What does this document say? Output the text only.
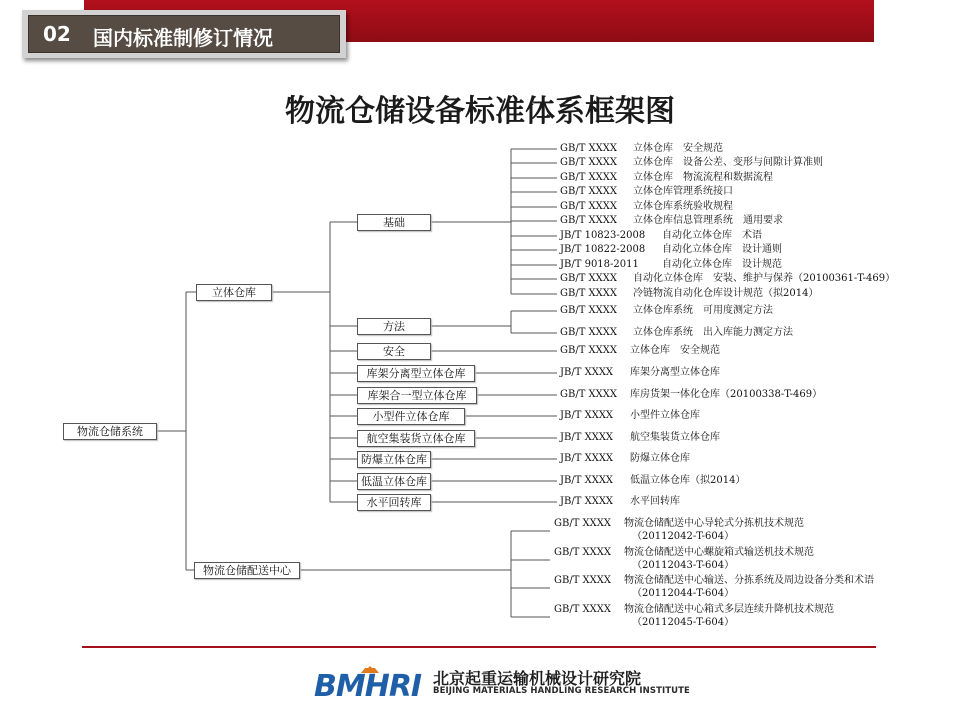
02 国内标准制修订情况
物流仓储设备标准体系框架图
物流仓储系统
立体仓库
物流仓储配送中心
基础
方法
安全
库架分离型立体仓库
库架合一型立体仓库
小型件立体仓库
航空集装货立体仓库
防爆立体仓库
低温立体仓库
水平回转库
GB/T XXXX 立体仓库　安全规范
GB/T XXXX 立体仓库　设备公差、变形与间隙计算准则
GB/T XXXX 立体仓库　物流流程和数据流程
GB/T XXXX 立体仓库管理系统接口
GB/T XXXX 立体仓库系统验收规程
GB/T XXXX 立体仓库信息管理系统　通用要求
JB/T 10823-2008 自动化立体仓库　术语
JB/T 10822-2008 自动化立体仓库　设计通则
JB/T 9018-2011 自动化立体仓库　设计规范
GB/T XXXX 自动化立体仓库　安装、维护与保养（20100361-T-469）
GB/T XXXX 冷链物流自动化仓库设计规范（拟2014）
GB/T XXXX 立体仓库系统　可用度测定方法
GB/T XXXX 立体仓库系统　出入库能力测定方法
GB/T XXXX 立体仓库　安全规范
JB/T XXXX 库架分离型立体仓库
GB/T XXXX 库房货架一体化仓库（20100338-T-469）
JB/T XXXX 小型件立体仓库
JB/T XXXX 航空集装货立体仓库
JB/T XXXX 防爆立体仓库
JB/T XXXX 低温立体仓库（拟2014）
JB/T XXXX 水平回转库
GB/T XXXX 物流仓储配送中心导轮式分拣机技术规范
（20112042-T-604）
GB/T XXXX 物流仓储配送中心螺旋箱式输送机技术规范
（20112043-T-604）
GB/T XXXX 物流仓储配送中心输送、分拣系统及周边设备分类和术语
（20112044-T-604）
GB/T XXXX 物流仓储配送中心箱式多层连续升降机技术规范
（20112045-T-604）
BMHRI 北京起重运输机械设计研究院
BEIJING MATERIALS HANDLING RESEARCH INSTITUTE
